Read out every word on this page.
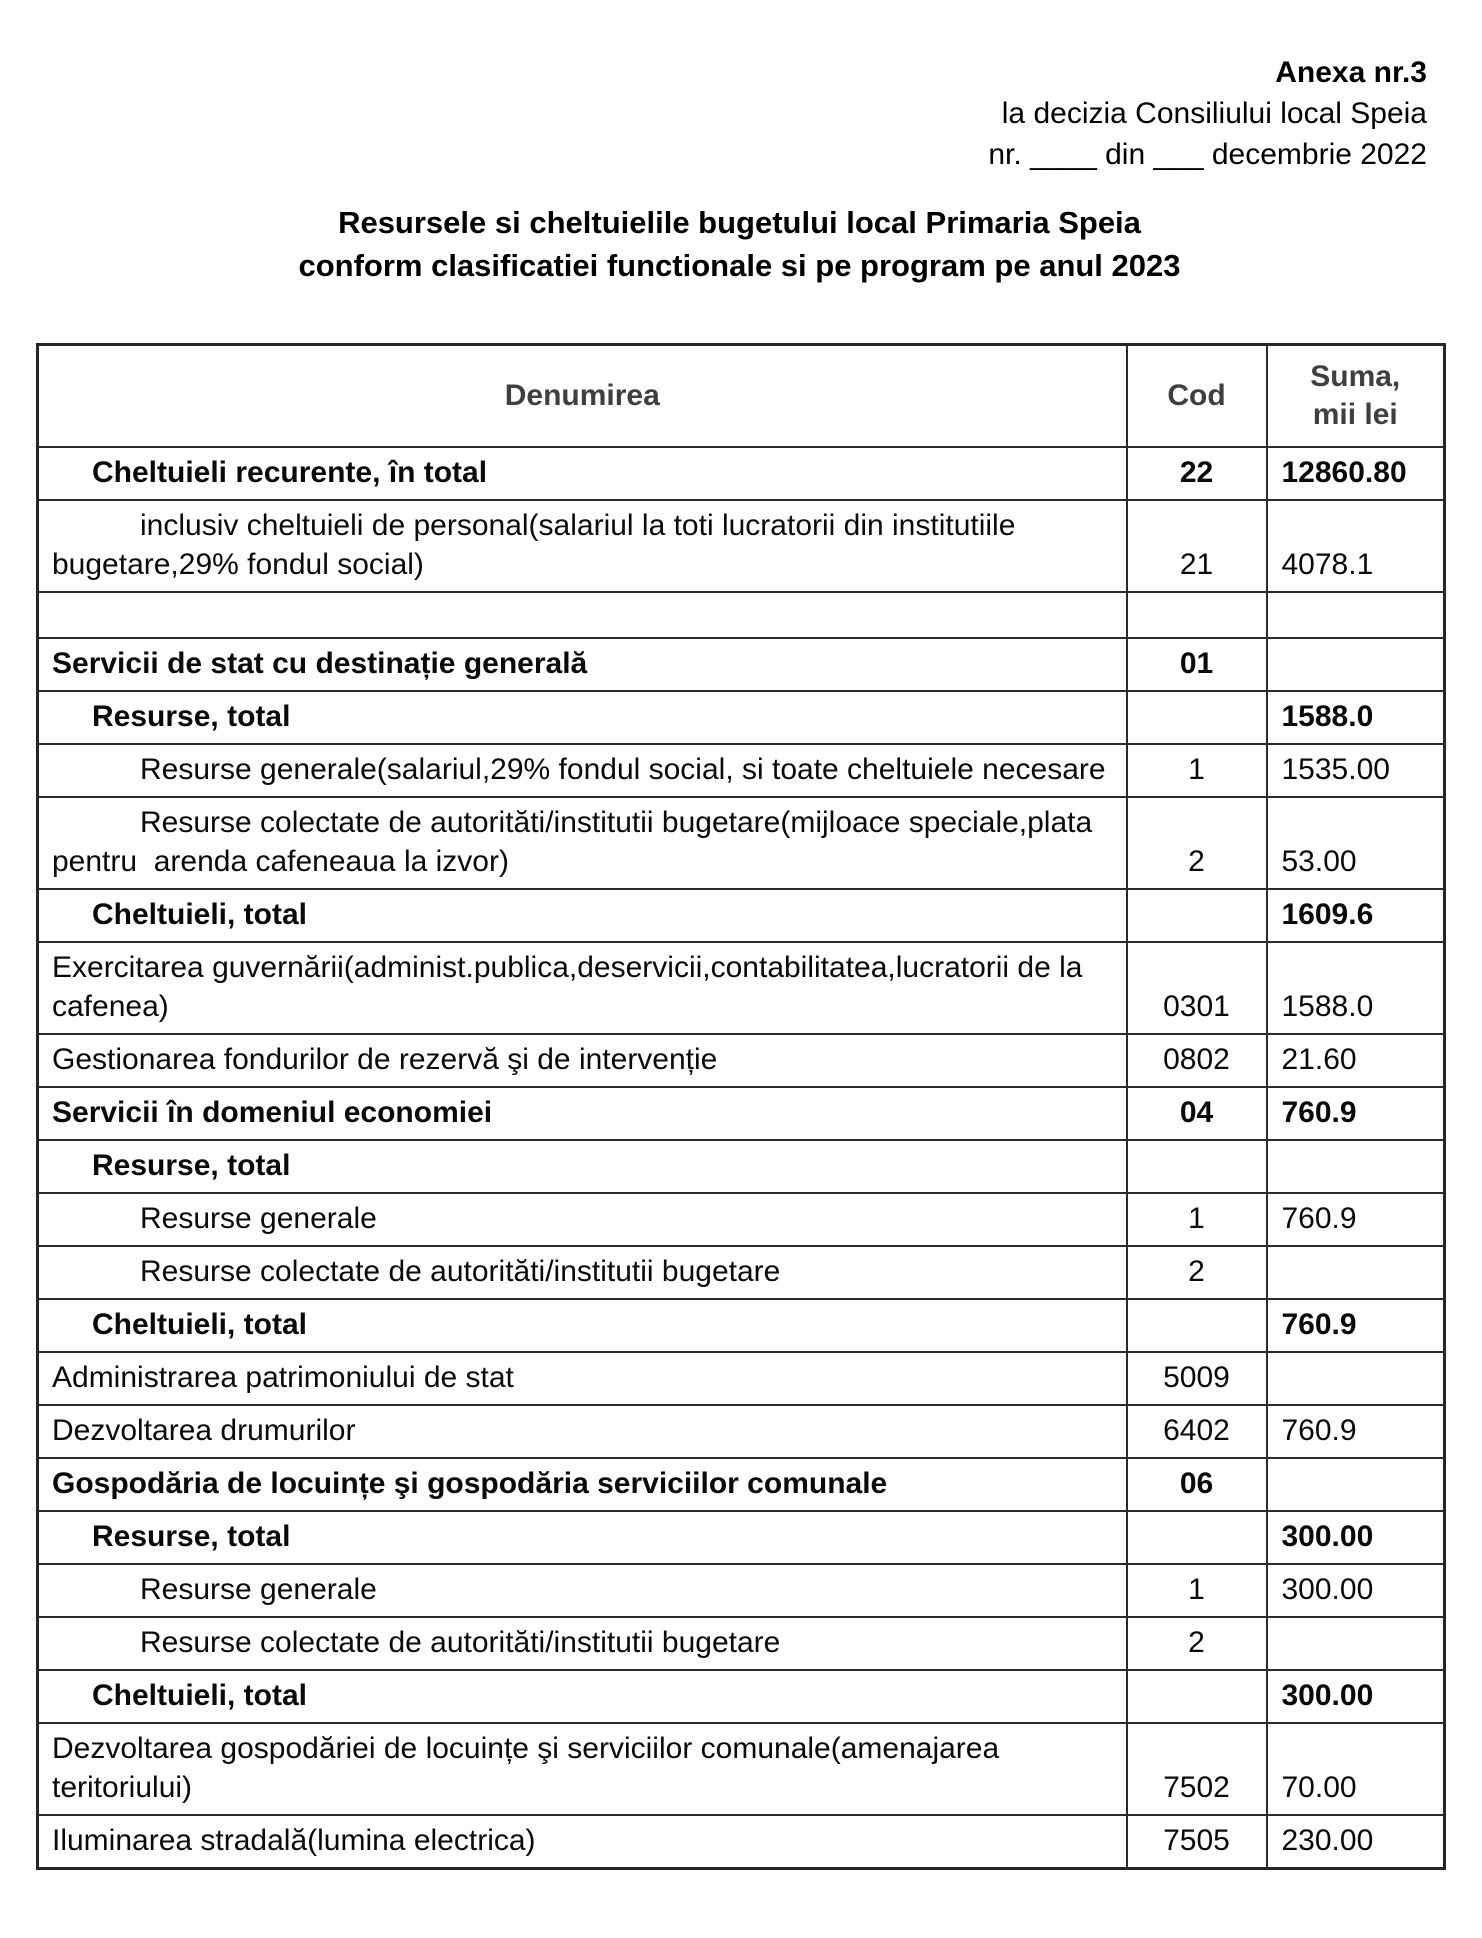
Anexa nr.3
la decizia Consiliului local Speia
nr. ____ din ___ decembrie 2022
Resursele si cheltuielile bugetului local Primaria Speia
conform clasificatiei functionale si pe program pe anul 2023
Denumirea	Cod	Suma,
mii lei

Cheltuieli recurente, în total	22	12860.80

inclusiv cheltuieli de personal(salariul la toti lucratorii din institutiile bugetare,29% fondul social)	21	4078.1

Servicii de stat cu destinație generală	01	

Resurse, total		1588.0

Resurse generale(salariul,29% fondul social, si toate cheltuiele necesare	1	1535.00

Resurse colectate de autorităti/institutii bugetare(mijloace speciale,plata pentru  arenda cafeneaua la izvor)	2	53.00

Cheltuieli, total		1609.6

Exercitarea guvernării(administ.publica,deservicii,contabilitatea,lucratorii de la cafenea)	0301	1588.0

Gestionarea fondurilor de rezervă şi de intervenție	0802	21.60

Servicii în domeniul economiei	04	760.9

Resurse, total		

Resurse generale	1	760.9

Resurse colectate de autorităti/institutii bugetare	2	

Cheltuieli, total		760.9

Administrarea patrimoniului de stat	5009	

Dezvoltarea drumurilor	6402	760.9

Gospodăria de locuințe şi gospodăria serviciilor comunale	06	

Resurse, total		300.00

Resurse generale	1	300.00

Resurse colectate de autorităti/institutii bugetare	2	

Cheltuieli, total		300.00

Dezvoltarea gospodăriei de locuințe şi serviciilor comunale(amenajarea teritoriului)	7502	70.00

Iluminarea stradală(lumina electrica)	7505	230.00
